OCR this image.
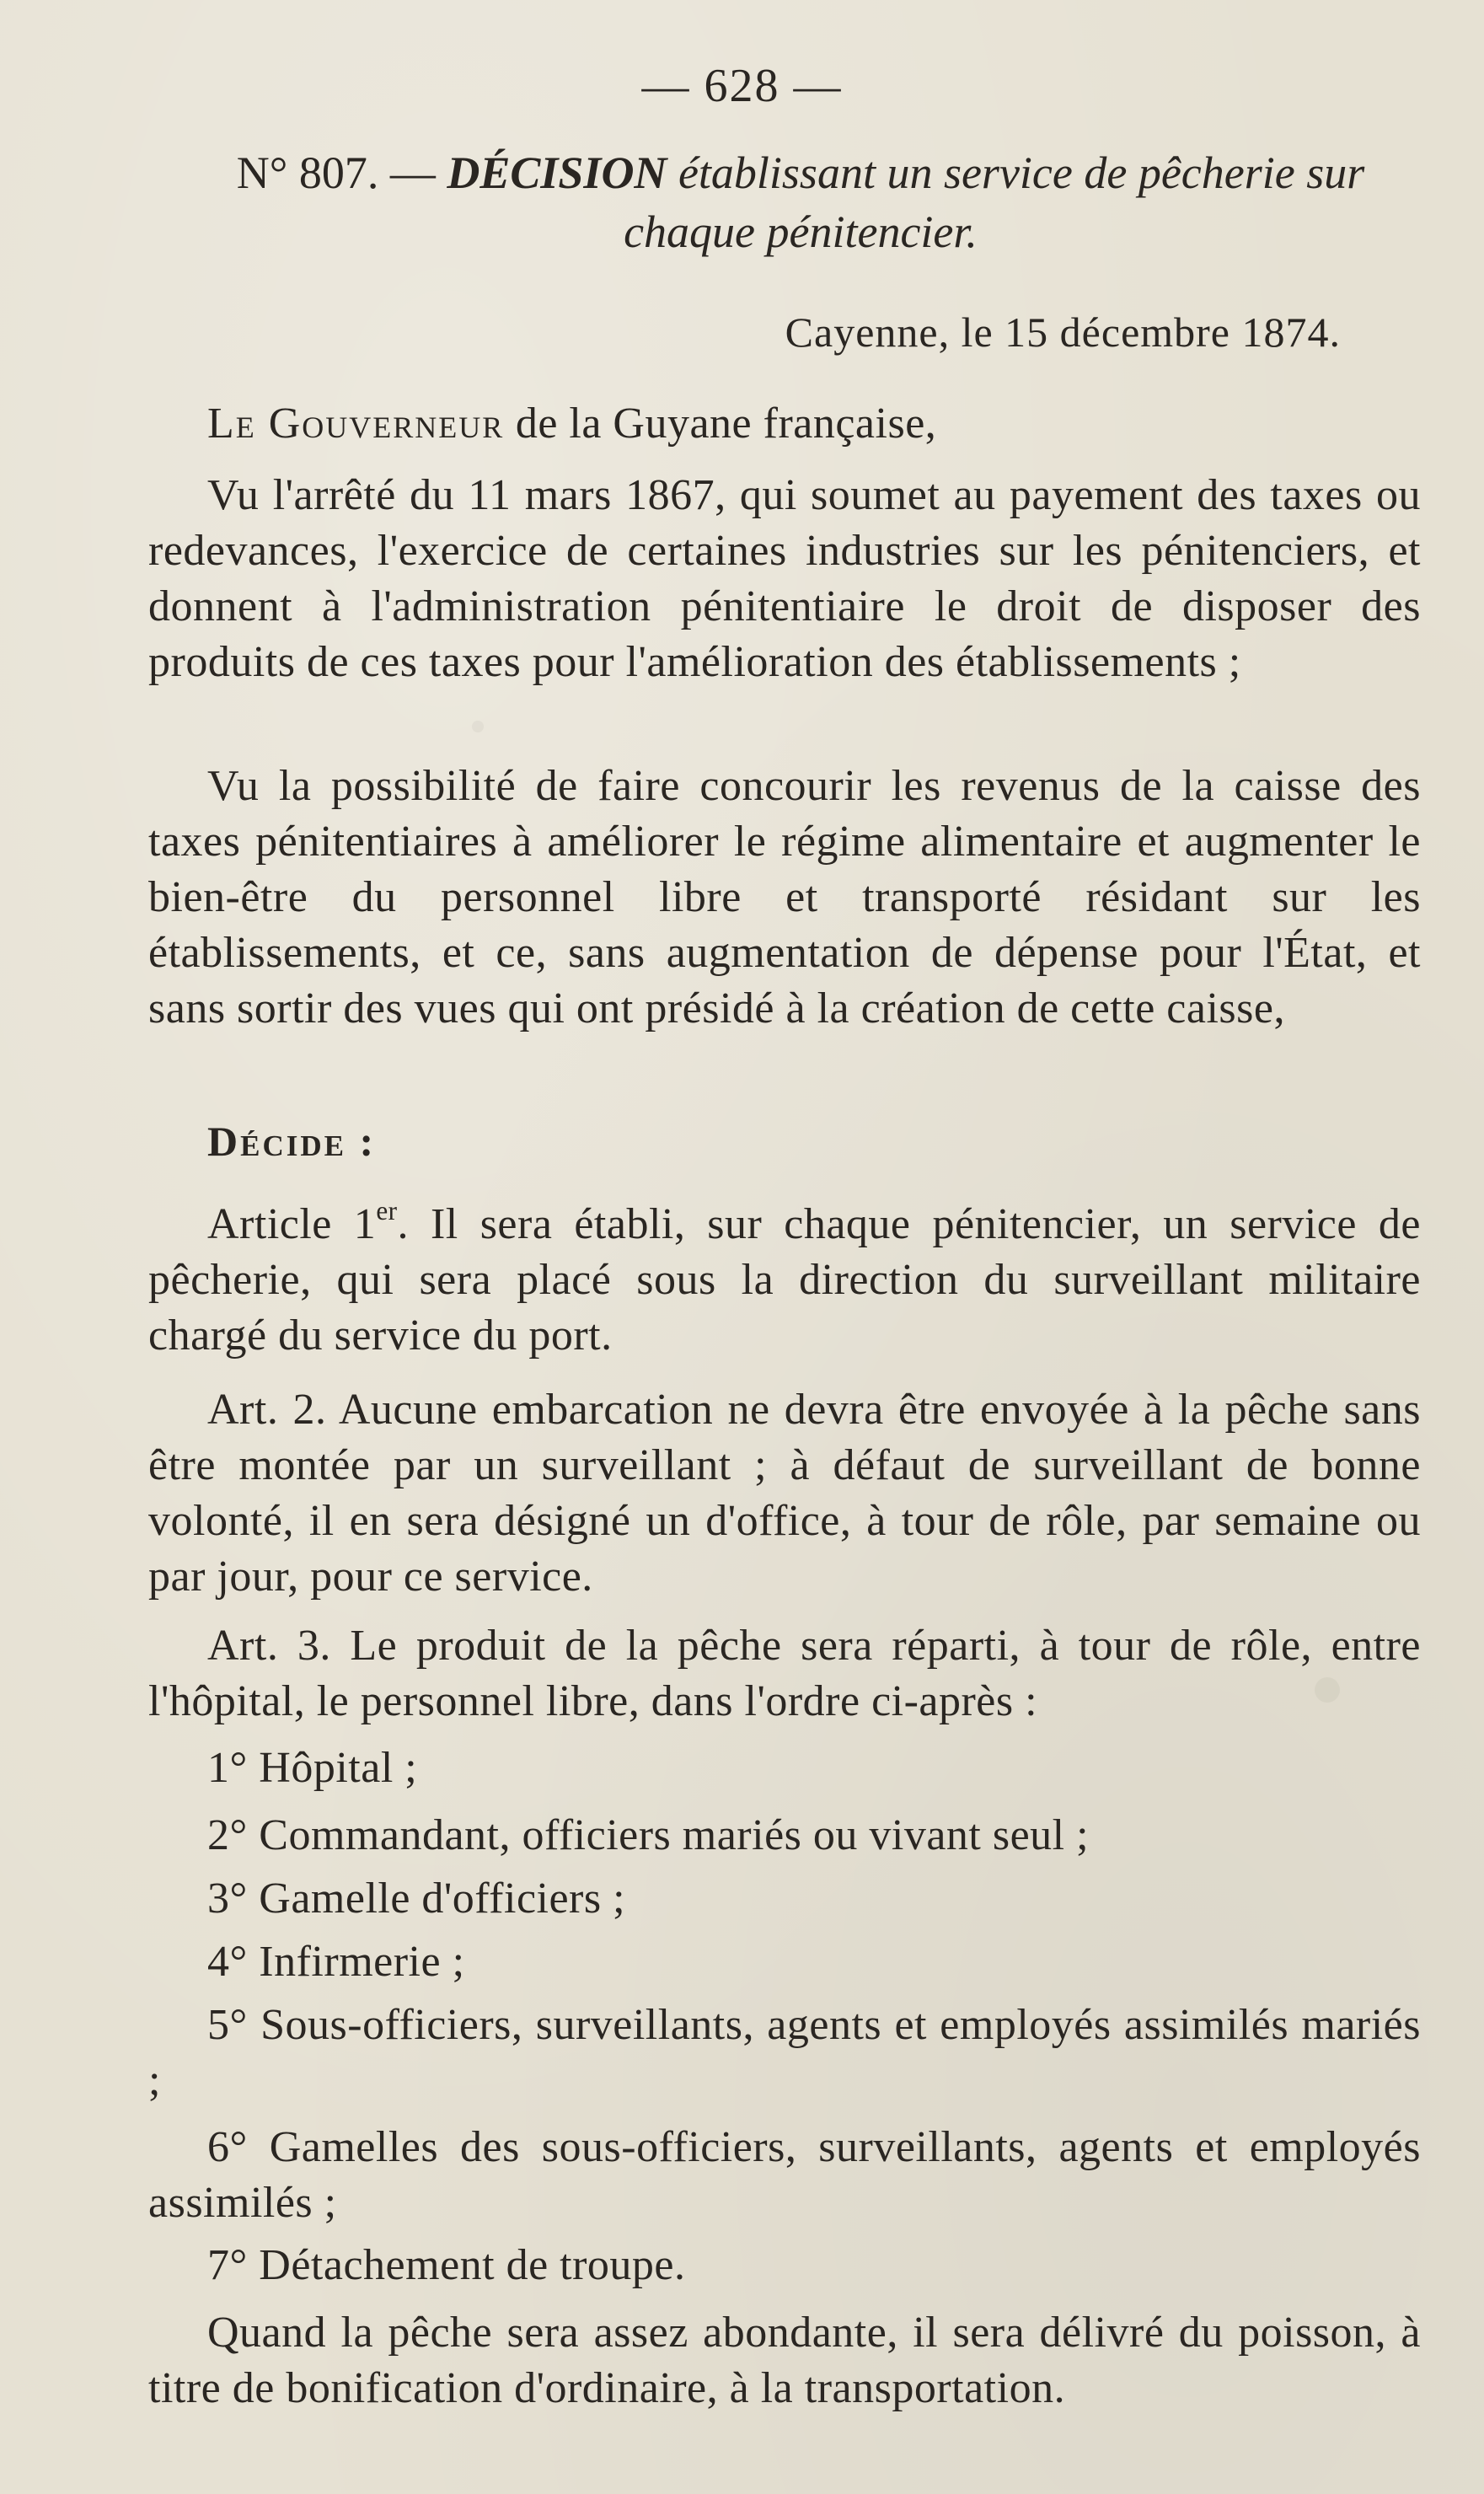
— 628 —
N° 807. — DÉCISION établissant un service de pêcherie sur chaque pénitencier.
Cayenne, le 15 décembre 1874.
Le Gouverneur de la Guyane française,
Vu l'arrêté du 11 mars 1867, qui soumet au payement des taxes ou redevances, l'exercice de certaines industries sur les pénitenciers, et donnent à l'administration pénitentiaire le droit de disposer des produits de ces taxes pour l'amélioration des établissements ;
Vu la possibilité de faire concourir les revenus de la caisse des taxes pénitentiaires à améliorer le régime alimentaire et augmenter le bien-être du personnel libre et transporté résidant sur les établissements, et ce, sans augmentation de dépense pour l'État, et sans sortir des vues qui ont présidé à la création de cette caisse,
Décide :
Article 1er. Il sera établi, sur chaque pénitencier, un service de pêcherie, qui sera placé sous la direction du surveillant militaire chargé du service du port.
Art. 2. Aucune embarcation ne devra être envoyée à la pêche sans être montée par un surveillant ; à défaut de surveillant de bonne volonté, il en sera désigné un d'office, à tour de rôle, par semaine ou par jour, pour ce service.
Art. 3. Le produit de la pêche sera réparti, à tour de rôle, entre l'hôpital, le personnel libre, dans l'ordre ci-après :
1° Hôpital ;
2° Commandant, officiers mariés ou vivant seul ;
3° Gamelle d'officiers ;
4° Infirmerie ;
5° Sous-officiers, surveillants, agents et employés assimilés mariés ;
6° Gamelles des sous-officiers, surveillants, agents et employés assimilés ;
7° Détachement de troupe.
Quand la pêche sera assez abondante, il sera délivré du poisson, à titre de bonification d'ordinaire, à la transportation.
